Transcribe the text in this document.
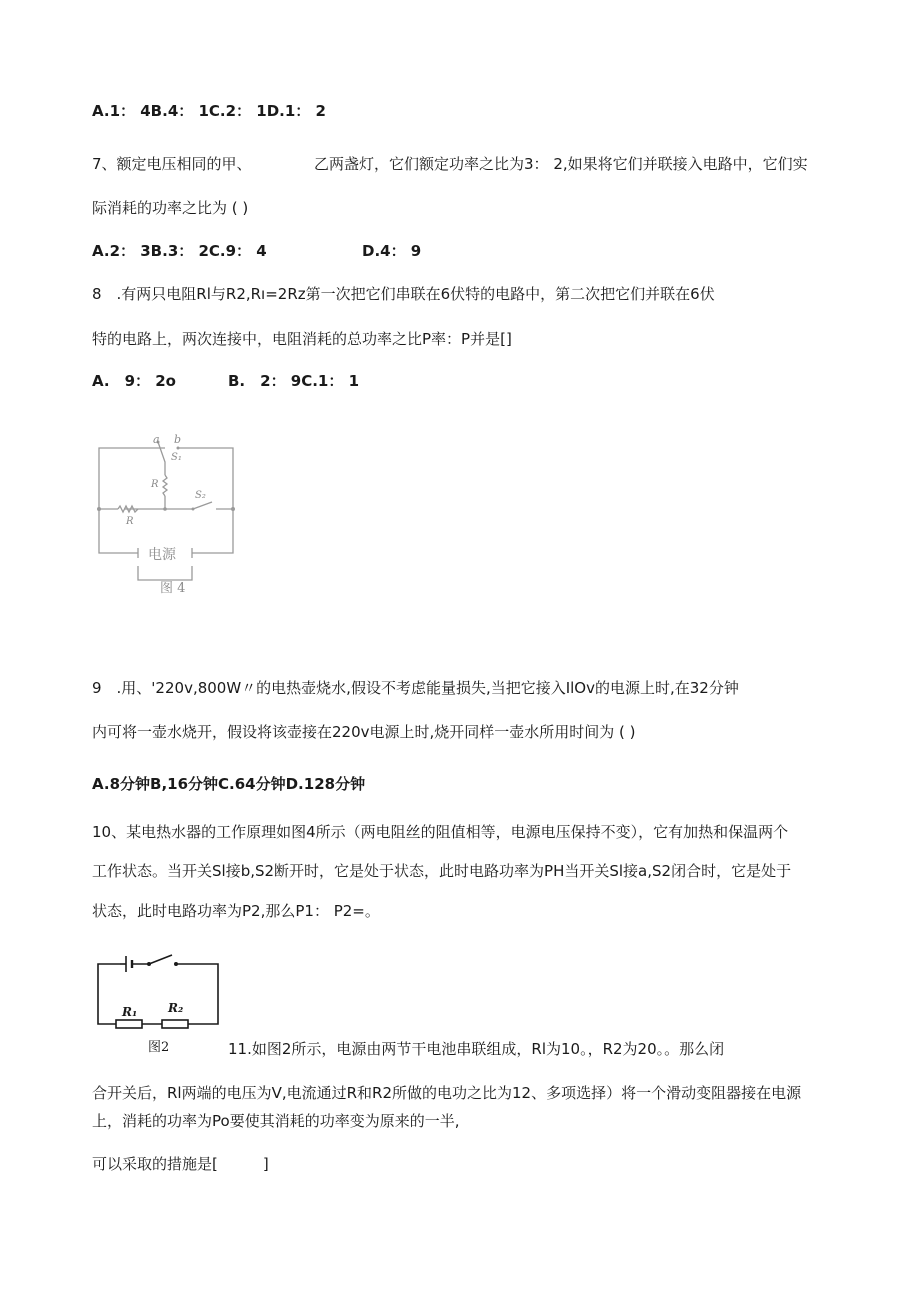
A.1： 4B.4： 1C.2： 1D.1： 2
7、额定电压相同的甲、	乙两盏灯，它们额定功率之比为3： 2,如果将它们并联接入电路中，它们实
际消耗的功率之比为 ( )
A.2： 3B.3： 2C.9： 4	D.4： 9
8　.有两只电阻Rl与R2,Rı=2Rz第一次把它们串联在6伏特的电路中，第二次把它们并联在6伏
特的电路上，两次连接中，电阻消耗的总功率之比P率：P并是[]
A.　9： 2o	B.　2： 9C.1： 1
a b
S₁
R
S₂
R
电源
图 4
9　.用、'220v,800W〃的电热壶烧水,假设不考虑能量损失,当把它接入IlOv的电源上时,在32分钟
内可将一壶水烧开，假设将该壶接在220v电源上时,烧开同样一壶水所用时间为 ( )
A.8分钟B,16分钟C.64分钟D.128分钟
10、某电热水器的工作原理如图4所示（两电阻丝的阻值相等，电源电压保持不变），它有加热和保温两个
工作状态。当开关Sl接b,S2断开时，它是处于状态，此时电路功率为PH当开关Sl接a,S2闭合时，它是处于
状态，此时电路功率为P2,那么P1： P2=。
R₁	R₂
图2	11.如图2所示，电源由两节干电池串联组成，Rl为10。，R2为20。。那么闭
合开关后，Rl两端的电压为V,电流通过R和R2所做的电功之比为12、多项选择）将一个滑动变阻器接在电源
上，消耗的功率为Po要使其消耗的功率变为原来的一半,
可以采取的措施是[　　　]
